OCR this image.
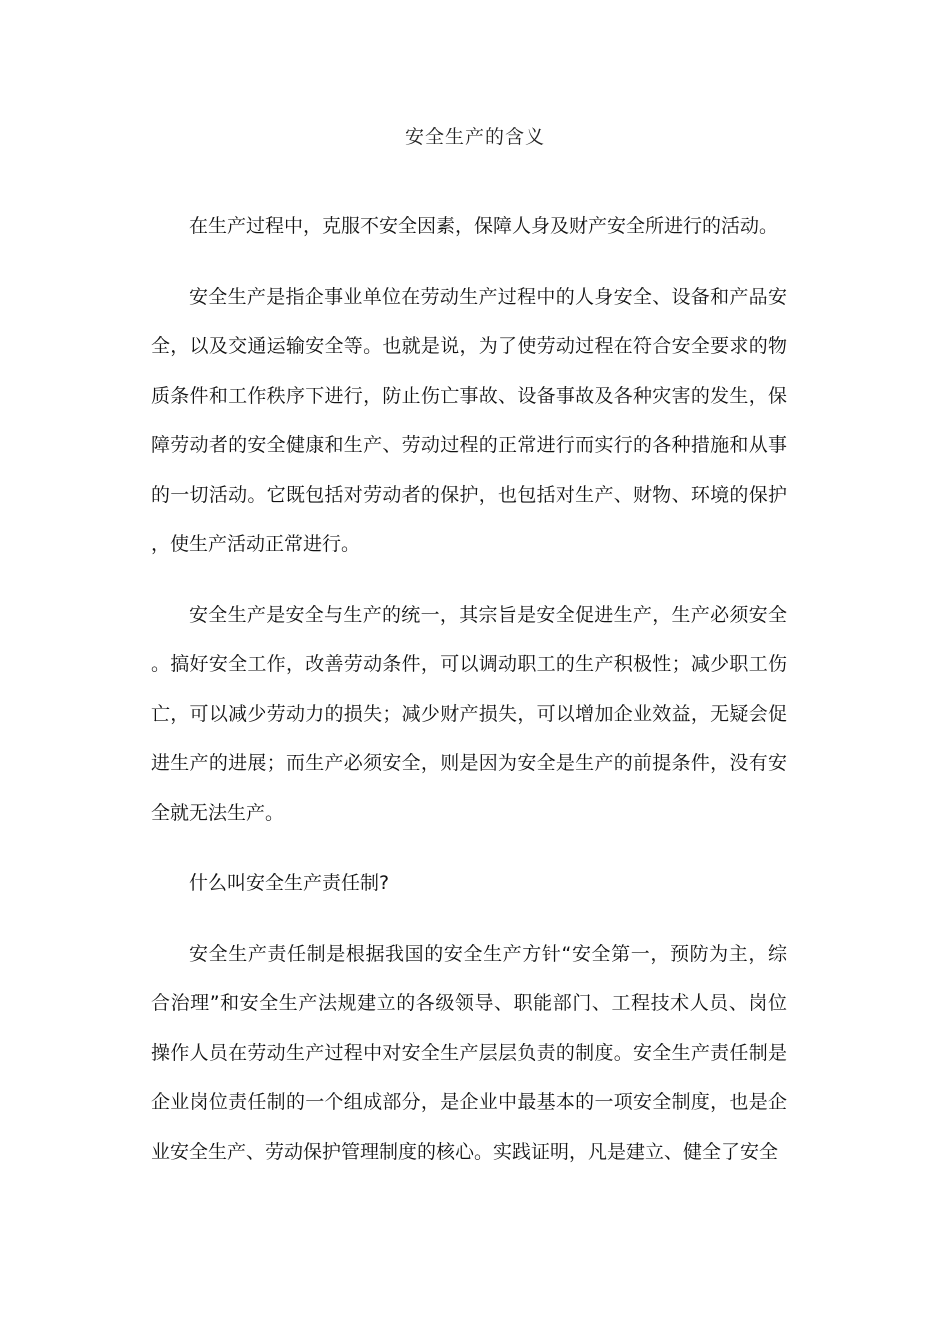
安全生产的含义

在生产过程中，克服不安全因素，保障人身及财产安全所进行的活动。

安全生产是指企事业单位在劳动生产过程中的人身安全、设备和产品安全，以及交通运输安全等。也就是说，为了使劳动过程在符合安全要求的物质条件和工作秩序下进行，防止伤亡事故、设备事故及各种灾害的发生，保障劳动者的安全健康和生产、劳动过程的正常进行而实行的各种措施和从事的一切活动。它既包括对劳动者的保护，也包括对生产、财物、环境的保护，使生产活动正常进行。

安全生产是安全与生产的统一，其宗旨是安全促进生产，生产必须安全。搞好安全工作，改善劳动条件，可以调动职工的生产积极性；减少职工伤亡，可以减少劳动力的损失；减少财产损失，可以增加企业效益，无疑会促进生产的进展；而生产必须安全，则是因为安全是生产的前提条件，没有安全就无法生产。

什么叫安全生产责任制?

安全生产责任制是根据我国的安全生产方针“安全第一，预防为主，综合治理”和安全生产法规建立的各级领导、职能部门、工程技术人员、岗位操作人员在劳动生产过程中对安全生产层层负责的制度。安全生产责任制是企业岗位责任制的一个组成部分，是企业中最基本的一项安全制度，也是企业安全生产、劳动保护管理制度的核心。实践证明，凡是建立、健全了安全
